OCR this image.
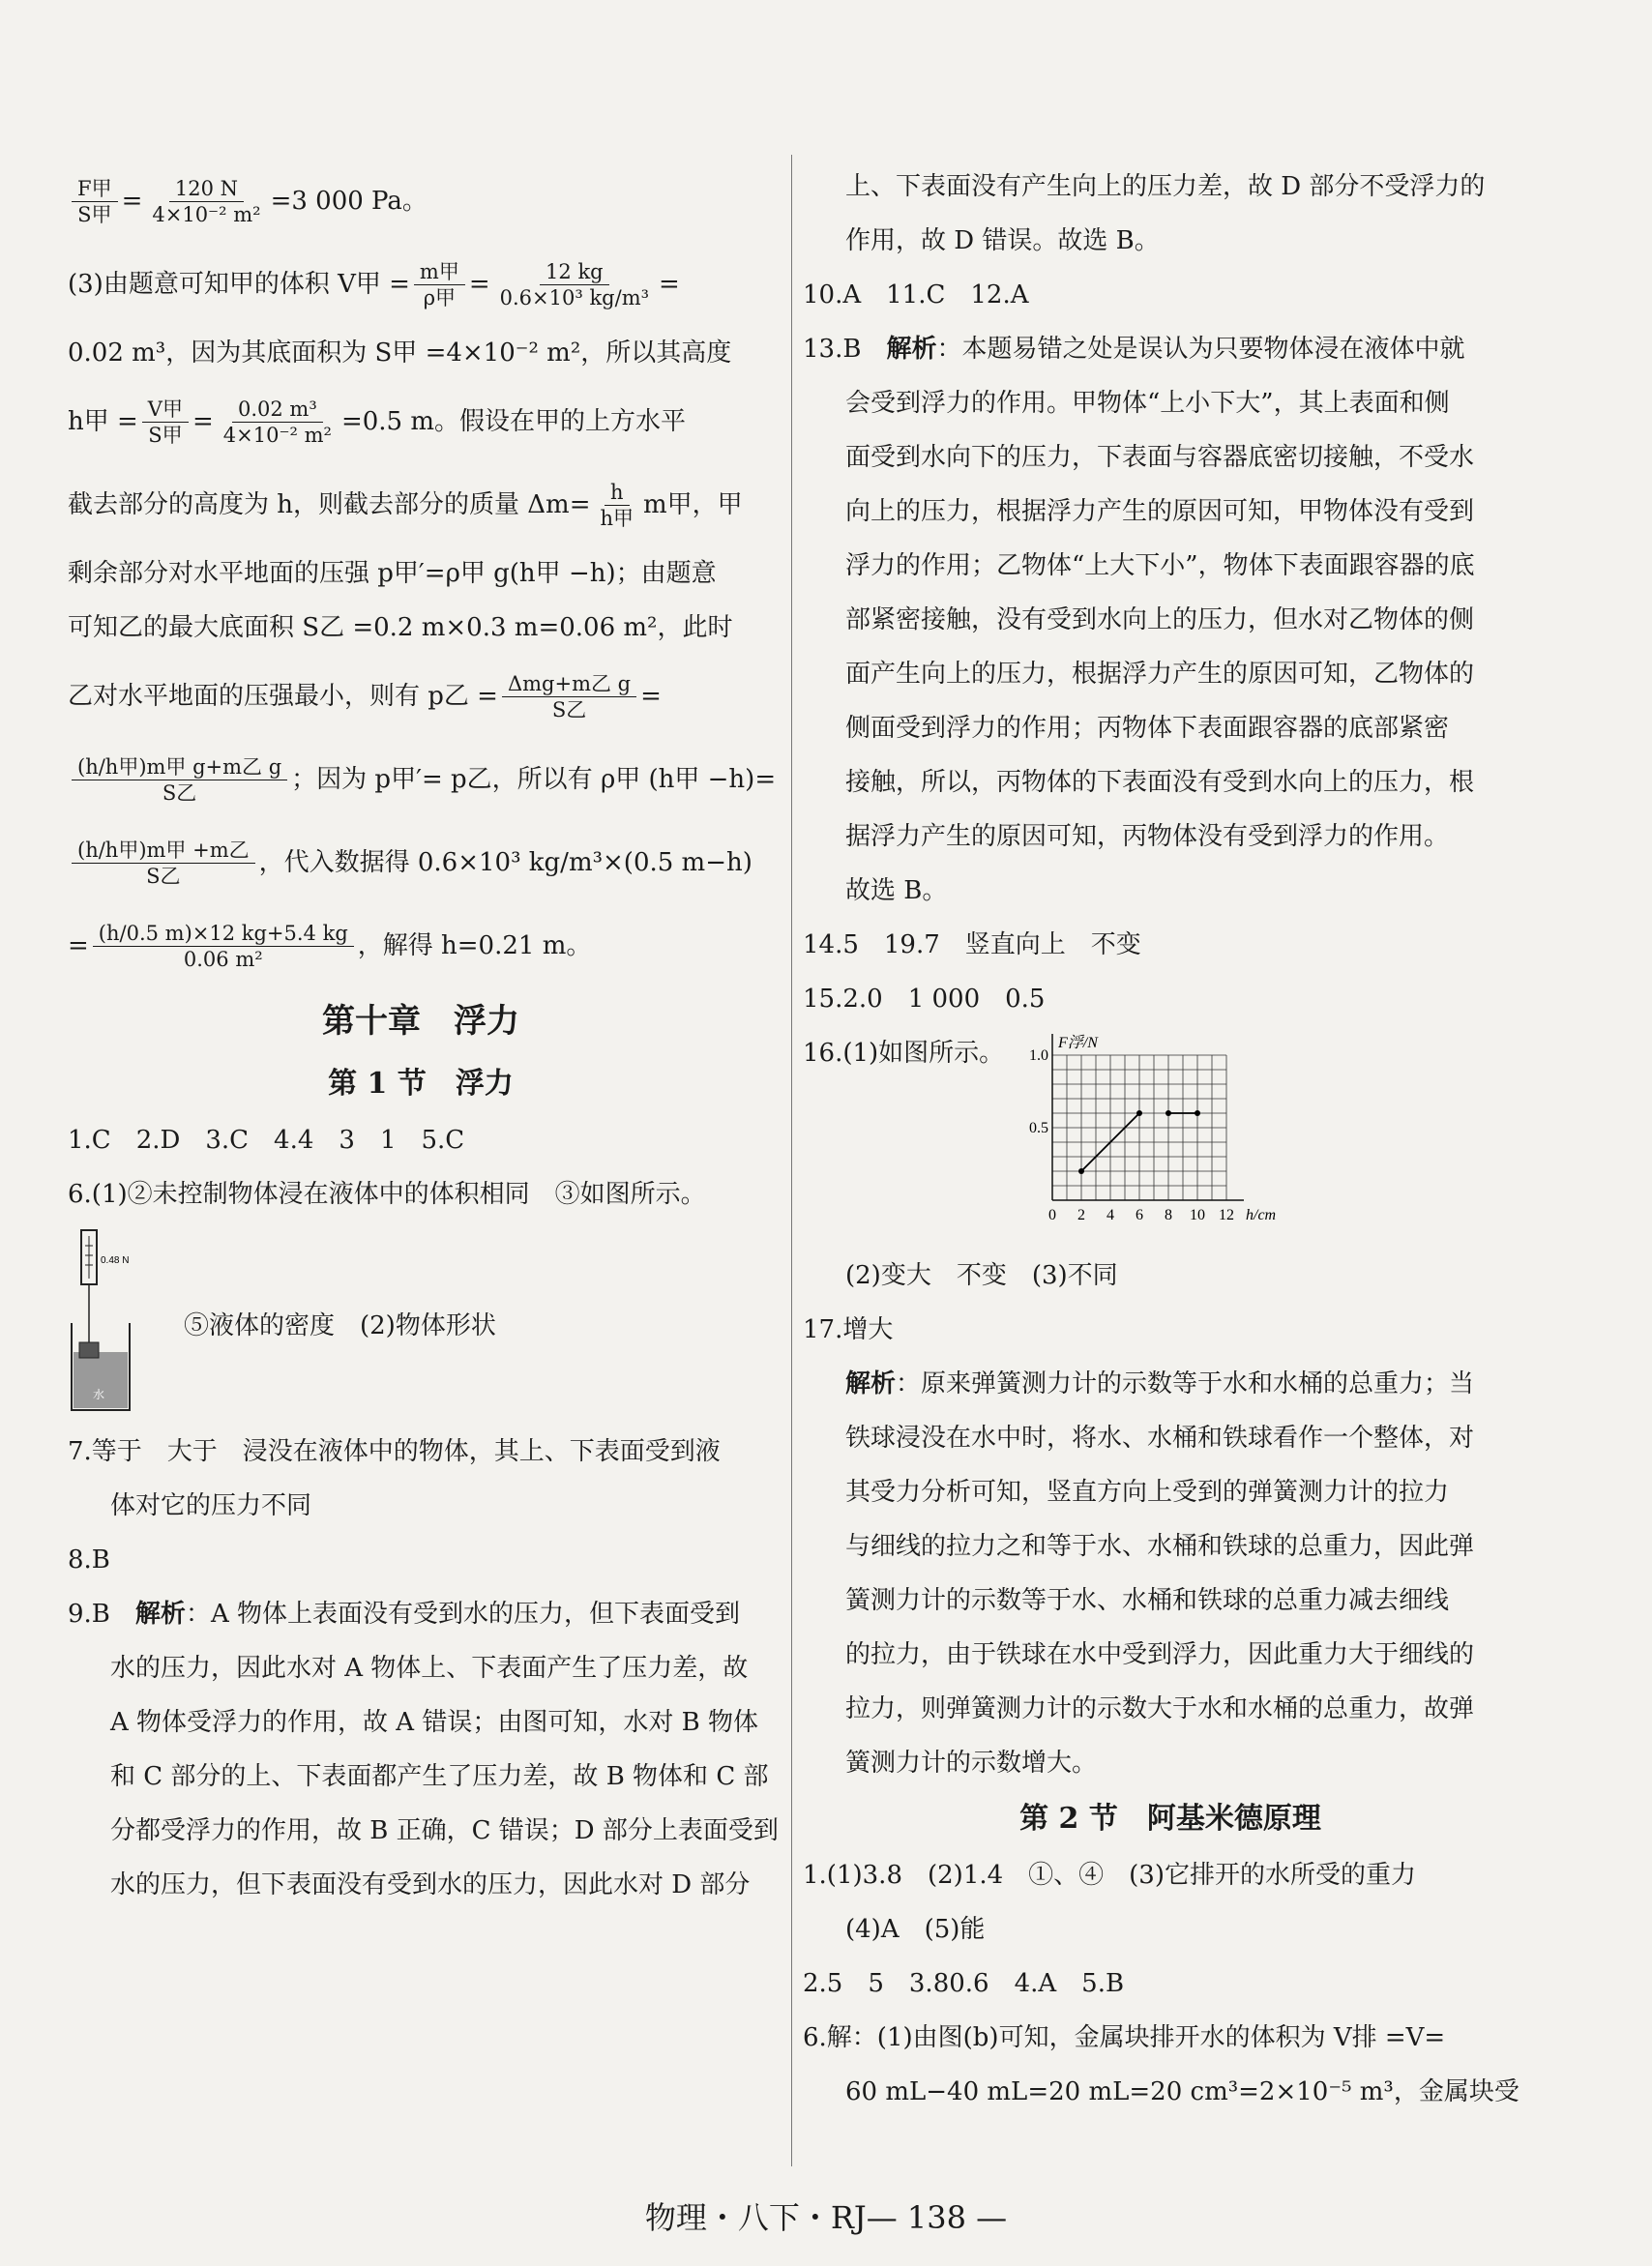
$\frac{\text{F甲}}{\text{S甲}} = \frac{120 N}{\text{4×10⁻² m²}} =3$ 000 Pa。
(3)由题意可知甲的体积 V甲 = $\frac{\text{m甲}}{\text{ρ甲}} = \frac{12 kg}{\text{0.6×10³ kg/m³}}$ =
0.02 m³，因为其底面积为 S甲 =4×10⁻² m²，所以其高度
h甲 = $\frac{\text{V甲}}{\text{S甲}} = \frac{\text{0.02 m³}}{\text{4×10⁻² m²}} =0.5$ m。假设在甲的上方水平
截去部分的高度为 h，则截去部分的质量 $\Delta m= \frac{h}{\text{h甲}}$ m甲，甲
剩余部分对水平地面的压强 p甲′=ρ甲 g(h甲 −h)；由题意
可知乙的最大底面积 S乙 =0.2 m×0.3 m=0.06 m²，此时
乙对水平地面的压强最小，则有 p乙 = $\frac{\text{Δmg+m乙 g}}{\text{S乙}}$ =
$\frac{\text{(h/h甲)m甲 g+m乙 g}}{\text{S乙}}$ ；因为 p甲′= p乙，所以有 ρ甲 (h甲 −h)=
$\frac{\text{(h/h甲)m甲 +m乙}}{\text{S乙}}$ ，代入数据得 0.6×10³ kg/m³×(0.5 m−h)
= $\frac{(h/0.5 m)\times 12 kg+5.4 kg}{\text{0.06 m²}}$ ，解得 h=0.21 m。
第十章　浮力
第 1 节　浮力
1.C　2.D　3.C　4.4　3　1　5.C
6.(1)②未控制物体浸在液体中的体积相同　③如图所示。
0.48 N
水
⑤液体的密度　(2)物体形状
7.等于　大于　浸没在液体中的物体，其上、下表面受到液
体对它的压力不同
8.B
9.B　 解析 ：A 物体上表面没有受到水的压力，但下表面受到
水的压力，因此水对 A 物体上、下表面产生了压力差，故
A 物体受浮力的作用，故 A 错误；由图可知，水对 B 物体
和 C 部分的上、下表面都产生了压力差，故 B 物体和 C 部
分都受浮力的作用，故 B 正确，C 错误；D 部分上表面受到
水的压力，但下表面没有受到水的压力，因此水对 D 部分
上、下表面没有产生向上的压力差，故 D 部分不受浮力的
作用，故 D 错误。故选 B。
10.A　11.C　12.A
13.B　 解析 ：本题易错之处是误认为只要物体浸在液体中就
会受到浮力的作用。甲物体“上小下大”，其上表面和侧
面受到水向下的压力，下表面与容器底密切接触，不受水
向上的压力，根据浮力产生的原因可知，甲物体没有受到
浮力的作用；乙物体“上大下小”，物体下表面跟容器的底
部紧密接触，没有受到水向上的压力，但水对乙物体的侧
面产生向上的压力，根据浮力产生的原因可知，乙物体的
侧面受到浮力的作用；丙物体下表面跟容器的底部紧密
接触，所以，丙物体的下表面没有受到水向上的压力，根
据浮力产生的原因可知，丙物体没有受到浮力的作用。
故选 B。
14.5　19.7　竖直向上　不变
15.2.0　1 000　0.5
16.(1)如图所示。
0 2 4 6 8 10 12
0.5
1.0
F浮/N
h/cm
(2)变大　不变　(3)不同
17.增大
解析 ：原来弹簧测力计的示数等于水和水桶的总重力；当
铁球浸没在水中时，将水、水桶和铁球看作一个整体，对
其受力分析可知，竖直方向上受到的弹簧测力计的拉力
与细线的拉力之和等于水、水桶和铁球的总重力，因此弹
簧测力计的示数等于水、水桶和铁球的总重力减去细线
的拉力，由于铁球在水中受到浮力，因此重力大于细线的
拉力，则弹簧测力计的示数大于水和水桶的总重力，故弹
簧测力计的示数增大。
第 2 节　阿基米德原理
1.(1)3.8　(2)1.4　①、④　(3)它排开的水所受的重力
(4)A　(5)能
2.5　5　3.80.6　4.A　5.B
6.解：(1)由图(b)可知，金属块排开水的体积为 V排 =V=
60 mL−40 mL=20 mL=20 cm³=2×10⁻⁵ m³，金属块受
物理・八下・RJ— 138 —
